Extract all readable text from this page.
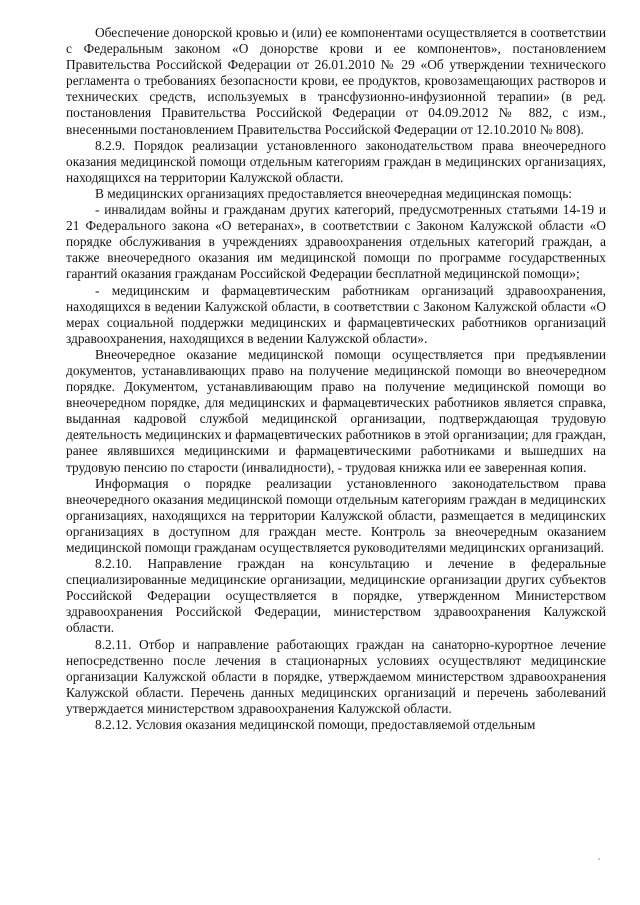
Обеспечение донорской кровью и (или) ее компонентами осуществляется в соответствии с Федеральным законом «О донорстве крови и ее компонентов», постановлением Правительства Российской Федерации от 26.01.2010 № 29 «Об утверждении технического регламента о требованиях безопасности крови, ее продуктов, кровозамещающих растворов и технических средств, используемых в трансфузионно-инфузионной терапии» (в ред. постановления Правительства Российской Федерации от 04.09.2012 № 882, с изм., внесенными постановлением Правительства Российской Федерации от 12.10.2010 № 808).

8.2.9. Порядок реализации установленного законодательством права внеочередного оказания медицинской помощи отдельным категориям граждан в медицинских организациях, находящихся на территории Калужской области.

В медицинских организациях предоставляется внеочередная медицинская помощь:

- инвалидам войны и гражданам других категорий, предусмотренных статьями 14-19 и 21 Федерального закона «О ветеранах», в соответствии с Законом Калужской области «О порядке обслуживания в учреждениях здравоохранения отдельных категорий граждан, а также внеочередного оказания им медицинской помощи по программе государственных гарантий оказания гражданам Российской Федерации бесплатной медицинской помощи»;

- медицинским и фармацевтическим работникам организаций здравоохранения, находящихся в ведении Калужской области, в соответствии с Законом Калужской области «О мерах социальной поддержки медицинских и фармацевтических работников организаций здравоохранения, находящихся в ведении Калужской области».

Внеочередное оказание медицинской помощи осуществляется при предъявлении документов, устанавливающих право на получение медицинской помощи во внеочередном порядке. Документом, устанавливающим право на получение медицинской помощи во внеочередном порядке, для медицинских и фармацевтических работников является справка, выданная кадровой службой медицинской организации, подтверждающая трудовую деятельность медицинских и фармацевтических работников в этой организации; для граждан, ранее являвшихся медицинскими и фармацевтическими работниками и вышедших на трудовую пенсию по старости (инвалидности), - трудовая книжка или ее заверенная копия.

Информация о порядке реализации установленного законодательством права внеочередного оказания медицинской помощи отдельным категориям граждан в медицинских организациях, находящихся на территории Калужской области, размещается в медицинских организациях в доступном для граждан месте. Контроль за внеочередным оказанием медицинской помощи гражданам осуществляется руководителями медицинских организаций.

8.2.10. Направление граждан на консультацию и лечение в федеральные специализированные медицинские организации, медицинские организации других субъектов Российской Федерации осуществляется в порядке, утвержденном Министерством здравоохранения Российской Федерации, министерством здравоохранения Калужской области.

8.2.11. Отбор и направление работающих граждан на санаторно-курортное лечение непосредственно после лечения в стационарных условиях осуществляют медицинские организации Калужской области в порядке, утверждаемом министерством здравоохранения Калужской области. Перечень данных медицинских организаций и перечень заболеваний утверждается министерством здравоохранения Калужской области.

8.2.12. Условия оказания медицинской помощи, предоставляемой отдельным
